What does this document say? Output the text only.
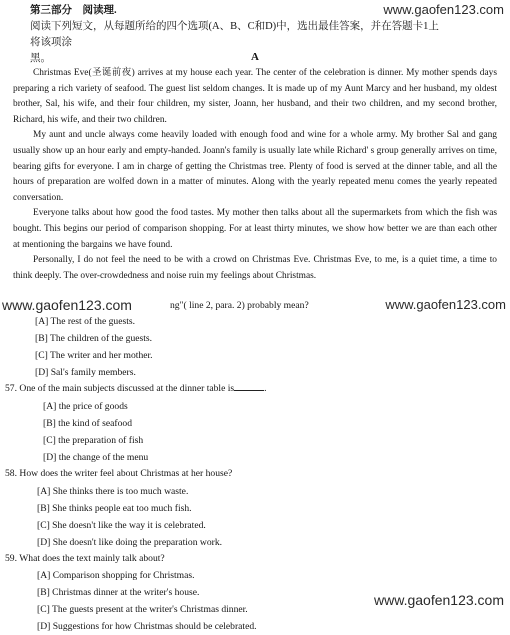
www.gaofen123.com
第三部分　阅读理.
阅读下列短文，从每题所给的四个选项(A、B、C和D)中，选出最佳答案，并在答题卡1上将该项涂
黑。	A

Christmas Eve(圣诞前夜) arrives at my house each year. The center of the celebration is dinner. My mother spends days preparing a rich variety of seafood. The guest list seldom changes. It is made up of my Aunt Marcy and her husband, my oldest brother, Sal, his wife, and their four children, my sister, Joann, her husband, and their two children, and my second brother, Richard, his wife, and their two children.

My aunt and uncle always come heavily loaded with enough food and wine for a whole army. My brother Sal and gang usually show up an hour early and empty-handed. Joann's family is usually late while Richard' s group generally arrives on time, bearing gifts for everyone. I am in charge of getting the Christmas tree. Plenty of food is served at the dinner table, and all the hours of preparation are wolfed down in a matter of minutes. Along with the yearly repeated menu comes the yearly repeated conversation.

Everyone talks about how good the food tastes. My mother then talks about all the supermarkets from which the fish was bought. This begins our period of comparison shopping. For at least thirty minutes, we show how better we are than each other at mentioning the bargains we have found.

Personally, I do not feel the need to be with a crowd on Christmas Eve. Christmas Eve, to me, is a quiet time, a time to think deeply. The over-crowdedness and noise ruin my feelings about Christmas.

www.gaofen123.com	ng"( line 2, para. 2) probably mean?	www.gaofen123.com
[A] The rest of the guests.
[B] The children of the guests.
[C] The writer and her mother.
[D] Sal's family members.
57. One of the main subjects discussed at the dinner table is	.
[A] the price of goods
[B] the kind of seafood
[C] the preparation of fish
[D] the change of the menu
58. How does the writer feel about Christmas at her house?
[A] She thinks there is too much waste.
[B] She thinks people eat too much fish.
[C] She doesn't like the way it is celebrated.
[D] She doesn't like doing the preparation work.
59. What does the text mainly talk about?
[A] Comparison shopping for Christmas.
[B] Christmas dinner at the writer's house.
[C] The guests present at the writer's Christmas dinner.
[D] Suggestions for how Christmas should be celebrated.
www.gaofen123.com
